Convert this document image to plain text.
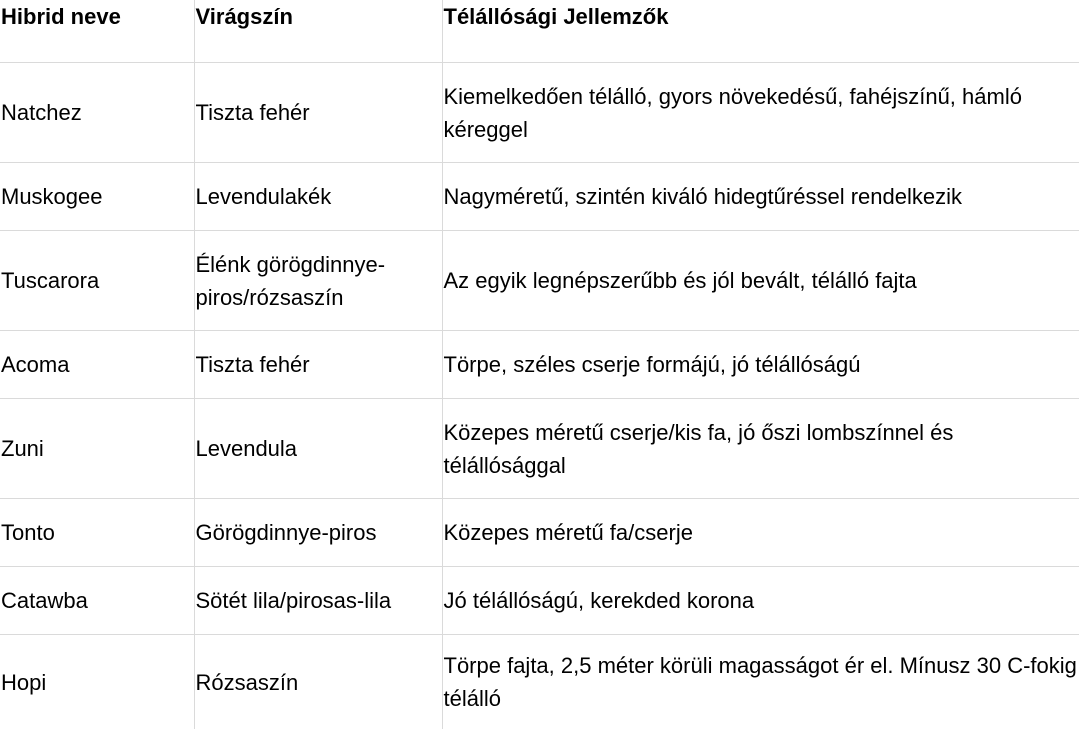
Hibrid neve	Virágszín	Télállósági Jellemzők
Natchez	Tiszta fehér	Kiemelkedően télálló, gyors növekedésű, fahéjszínű, hámló kéreggel
Muskogee	Levendulakék	Nagyméretű, szintén kiváló hidegtűréssel rendelkezik
Tuscarora	Élénk görögdinnye-piros/rózsaszín	Az egyik legnépszerűbb és jól bevált, télálló fajta
Acoma	Tiszta fehér	Törpe, széles cserje formájú, jó télállóságú
Zuni	Levendula	Közepes méretű cserje/kis fa, jó őszi lombszínnel és télállósággal
Tonto	Görögdinnye-piros	Közepes méretű fa/cserje
Catawba	Sötét lila/pirosas-lila	Jó télállóságú, kerekded korona
Hopi	Rózsaszín	Törpe fajta, 2,5 méter körüli magasságot ér el. Mínusz 30 C-fokig télálló
